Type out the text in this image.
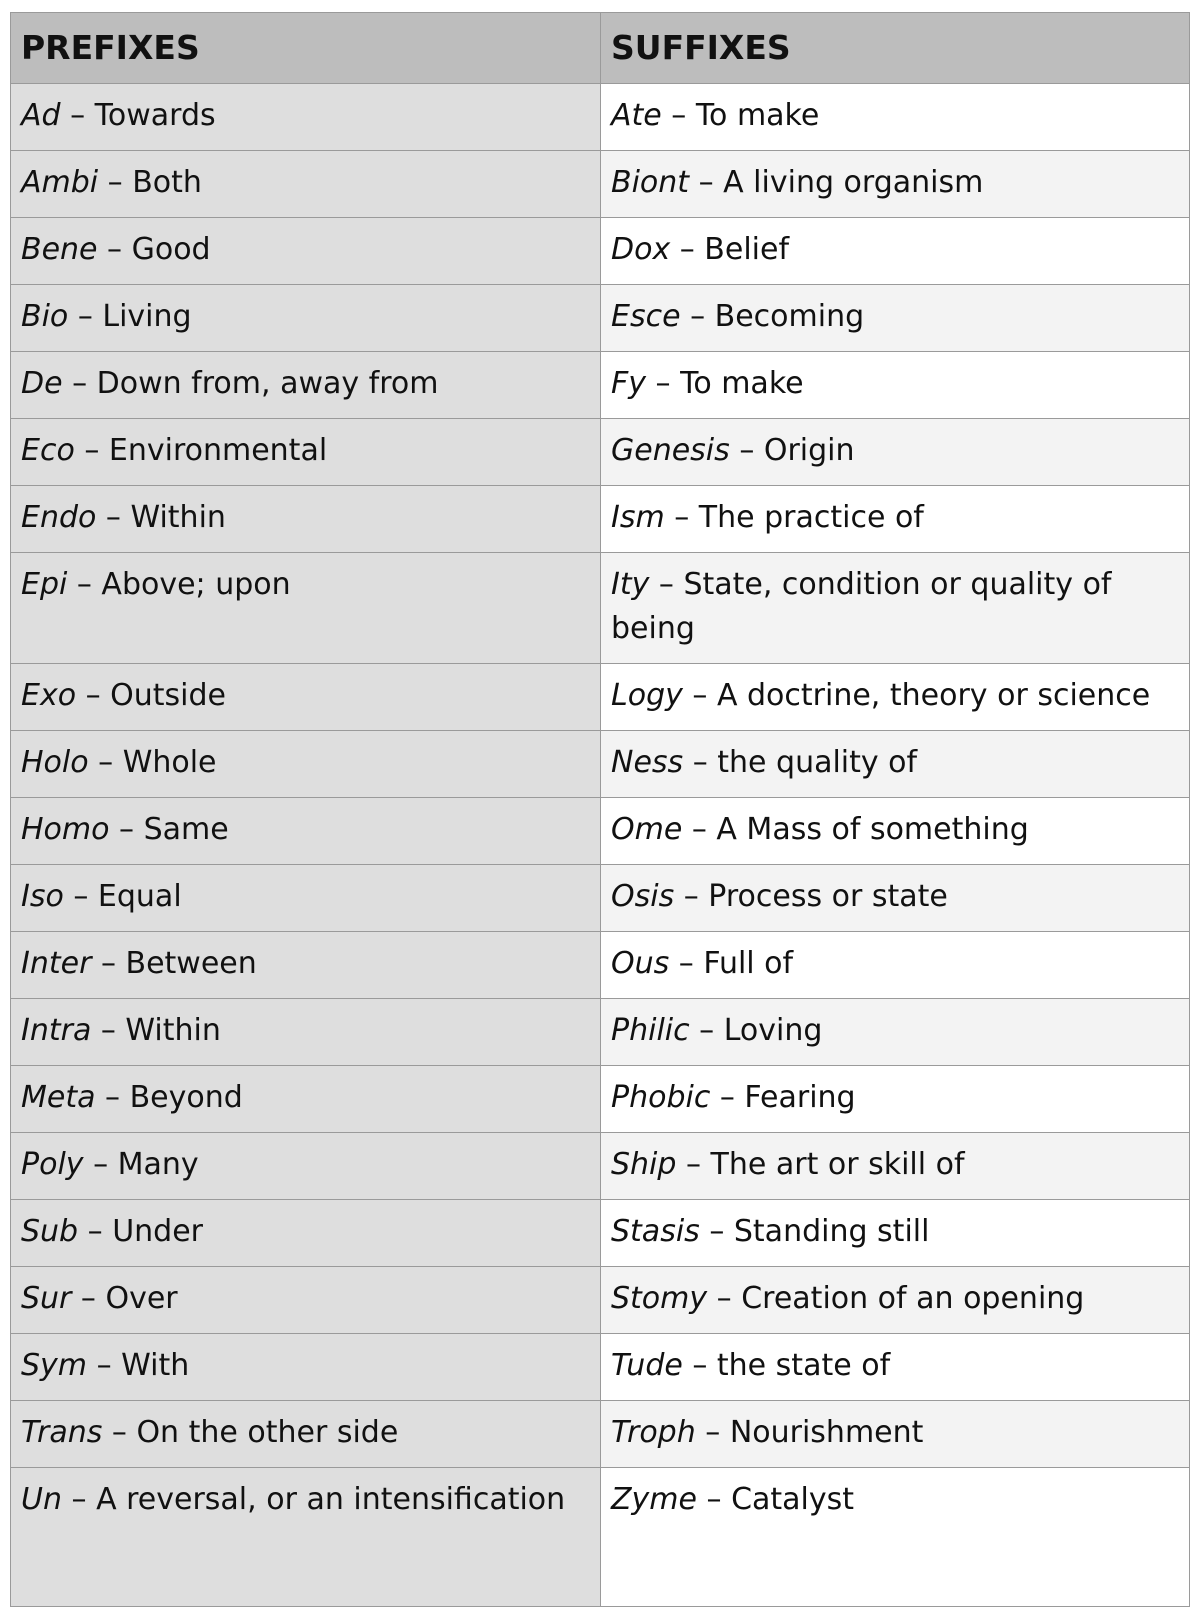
PREFIXES	SUFFIXES
Ad – Towards	Ate – To make
Ambi – Both	Biont – A living organism
Bene – Good	Dox – Belief
Bio – Living	Esce – Becoming
De – Down from, away from	Fy – To make
Eco – Environmental	Genesis – Origin
Endo – Within	Ism – The practice of
Epi – Above; upon	Ity – State, condition or quality of being
Exo – Outside	Logy – A doctrine, theory or science
Holo – Whole	Ness – the quality of
Homo – Same	Ome – A Mass of something
Iso – Equal	Osis – Process or state
Inter – Between	Ous – Full of
Intra – Within	Philic – Loving
Meta – Beyond	Phobic – Fearing
Poly – Many	Ship – The art or skill of
Sub – Under	Stasis – Standing still
Sur – Over	Stomy – Creation of an opening
Sym – With	Tude – the state of
Trans – On the other side	Troph – Nourishment
Un – A reversal, or an intensification	Zyme – Catalyst
